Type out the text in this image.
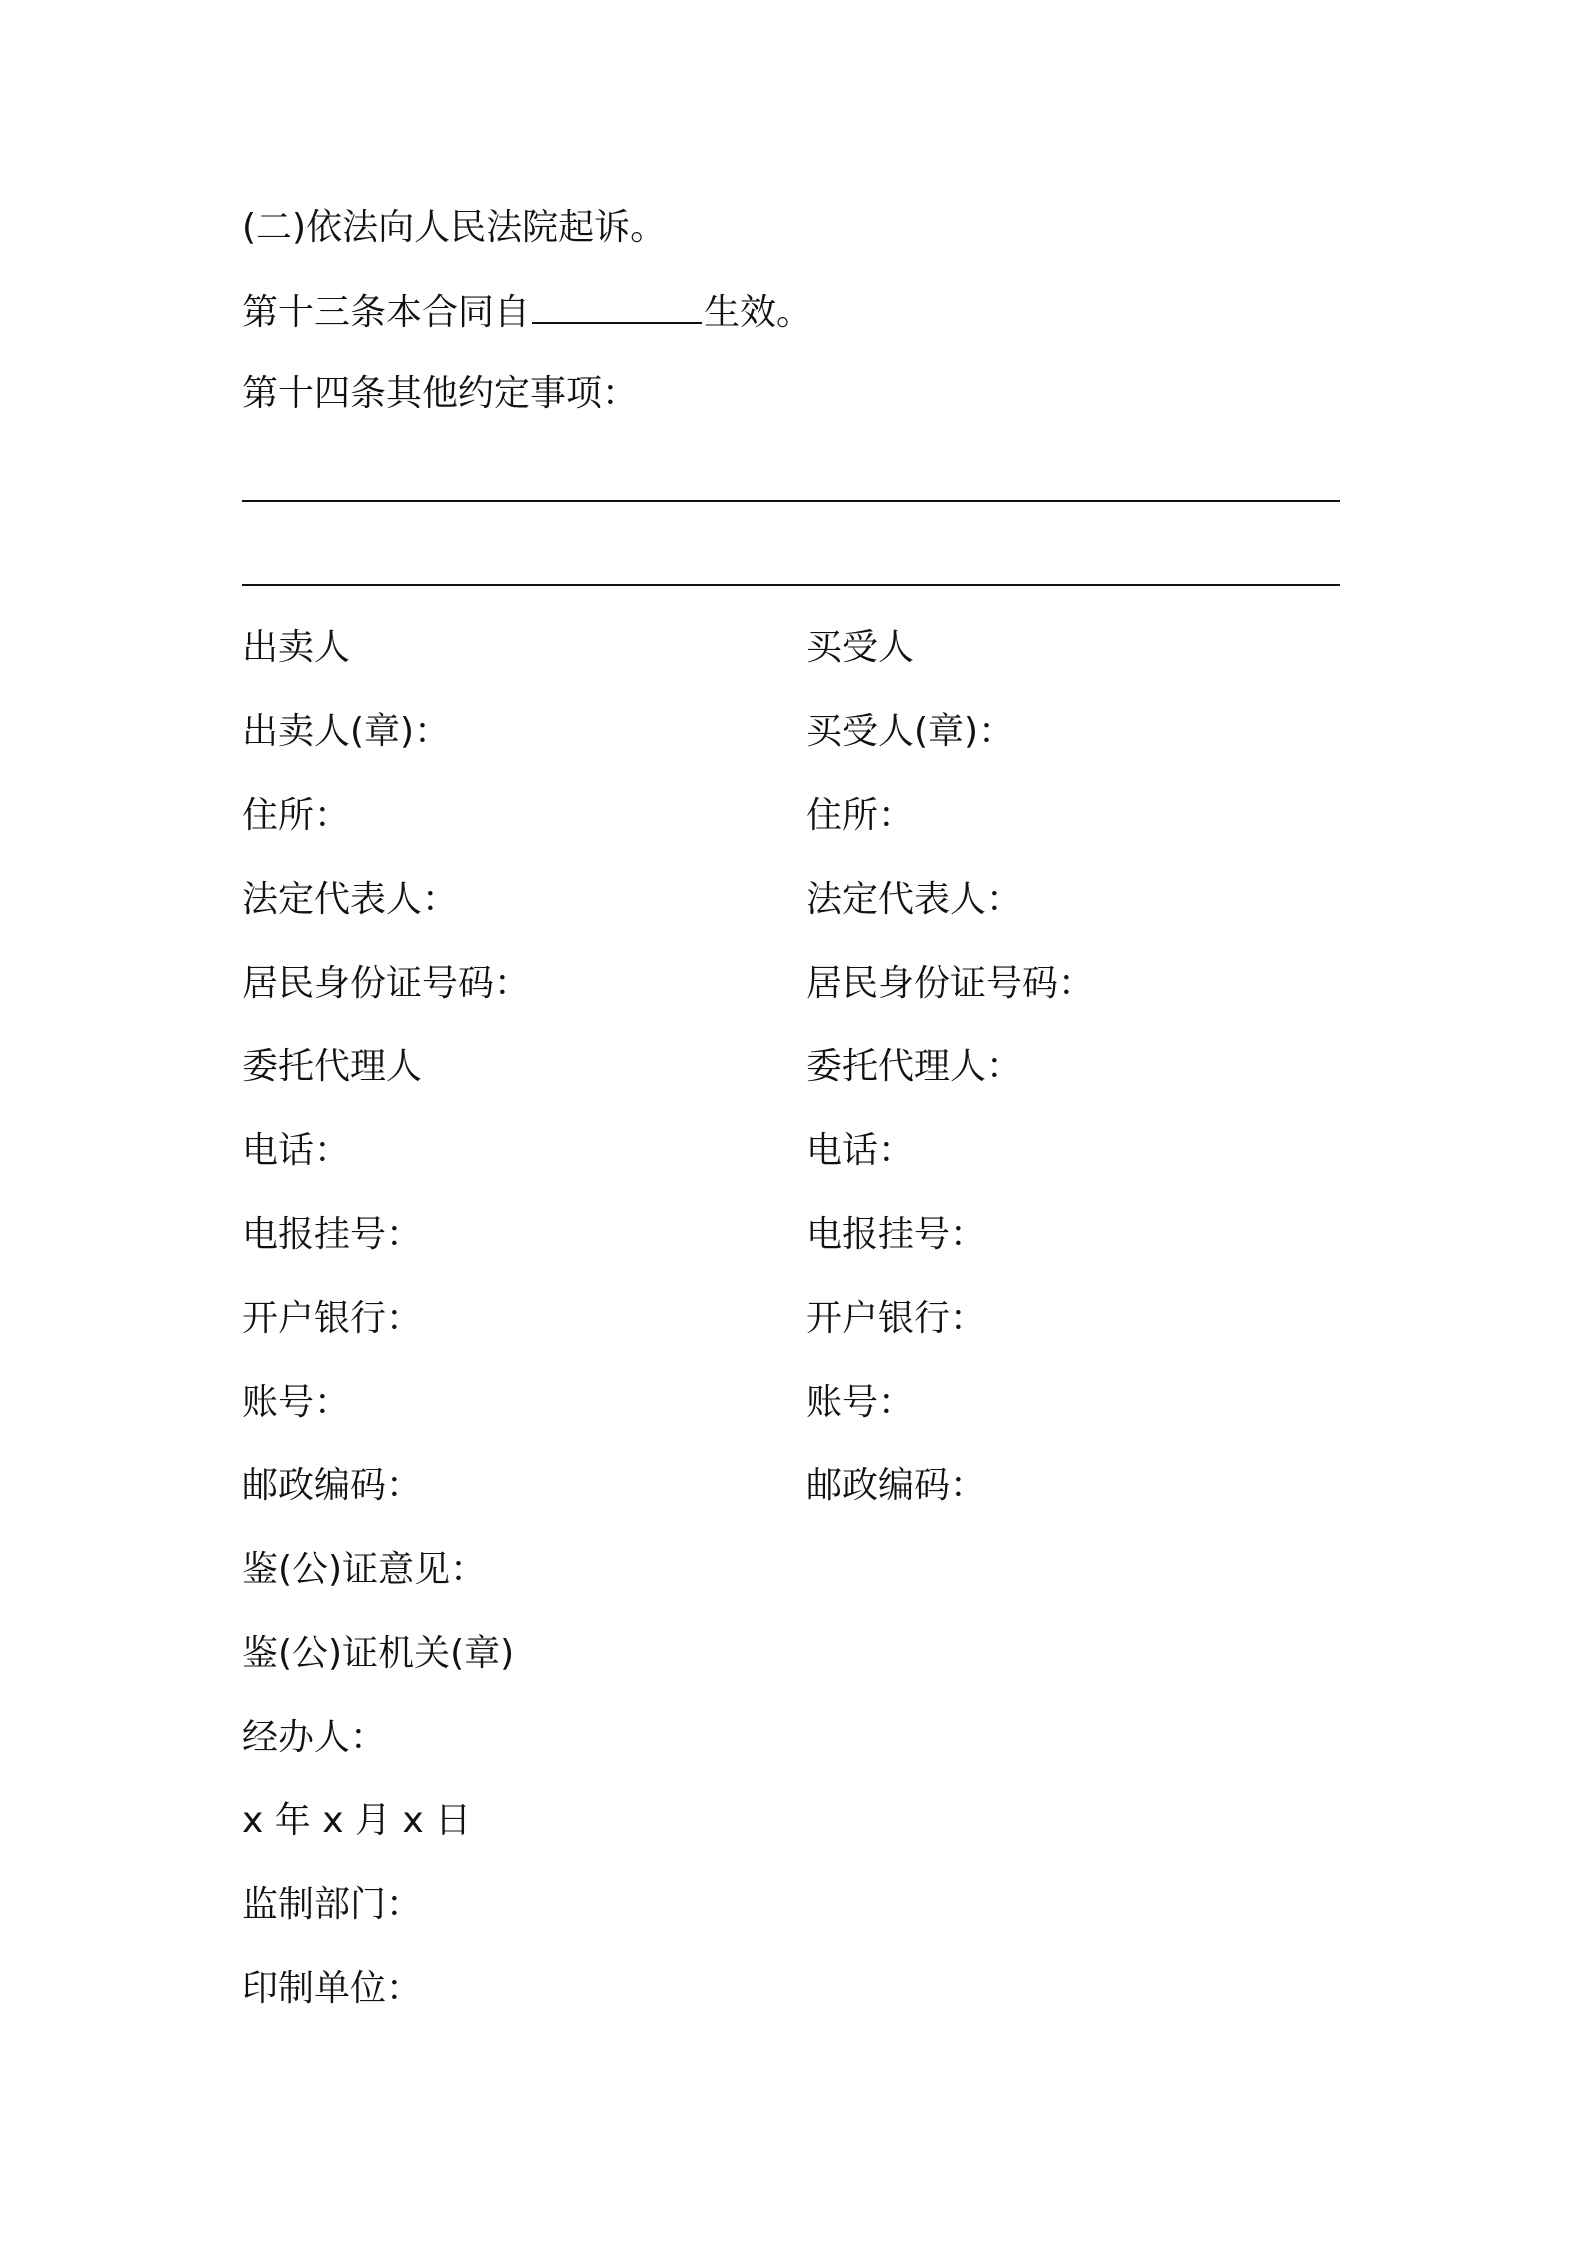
(二)依法向人民法院起诉。
第十三条本合同自	生效。
第十四条其他约定事项：
出卖人
出卖人(章)：
住所：
法定代表人：
居民身份证号码：
委托代理人
电话：
电报挂号：
开户银行：
账号：
邮政编码：
买受人
买受人(章)：
住所：
法定代表人：
居民身份证号码：
委托代理人：
电话：
电报挂号：
开户银行：
账号：
邮政编码：
鉴(公)证意见：
鉴(公)证机关(章)
经办人：
x 年 x 月 x 日
监制部门：
印制单位：
